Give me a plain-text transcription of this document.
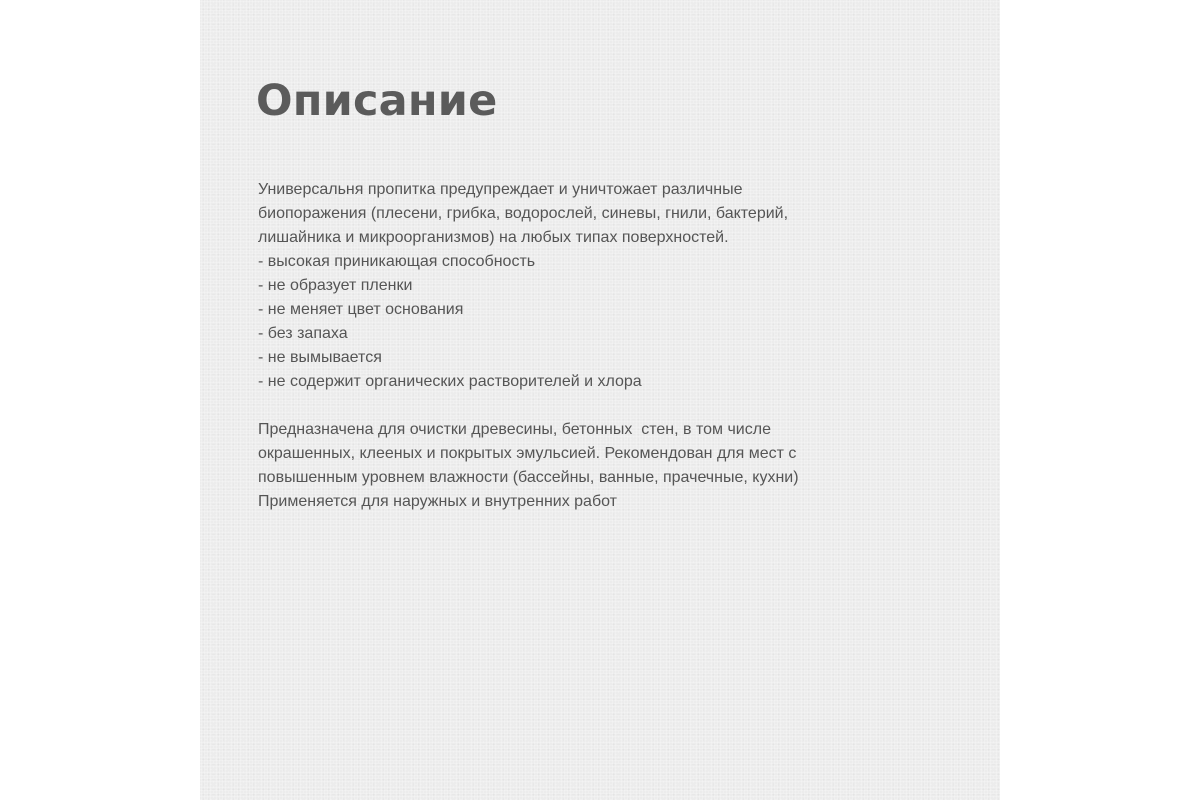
Описание
Универсальня пропитка предупреждает и уничтожает различные
биопоражения (плесени, грибка, водорослей, синевы, гнили, бактерий,
лишайника и микроорганизмов) на любых типах поверхностей.
- высокая приникающая способность
- не образует пленки
- не меняет цвет основания
- без запаха
- не вымывается
- не содержит органических растворителей и хлора
Предназначена для очистки древесины, бетонных  стен, в том числе
окрашенных, клееных и покрытых эмульсией. Рекомендован для мест с
повышенным уровнем влажности (бассейны, ванные, прачечные, кухни)
Применяется для наружных и внутренних работ
